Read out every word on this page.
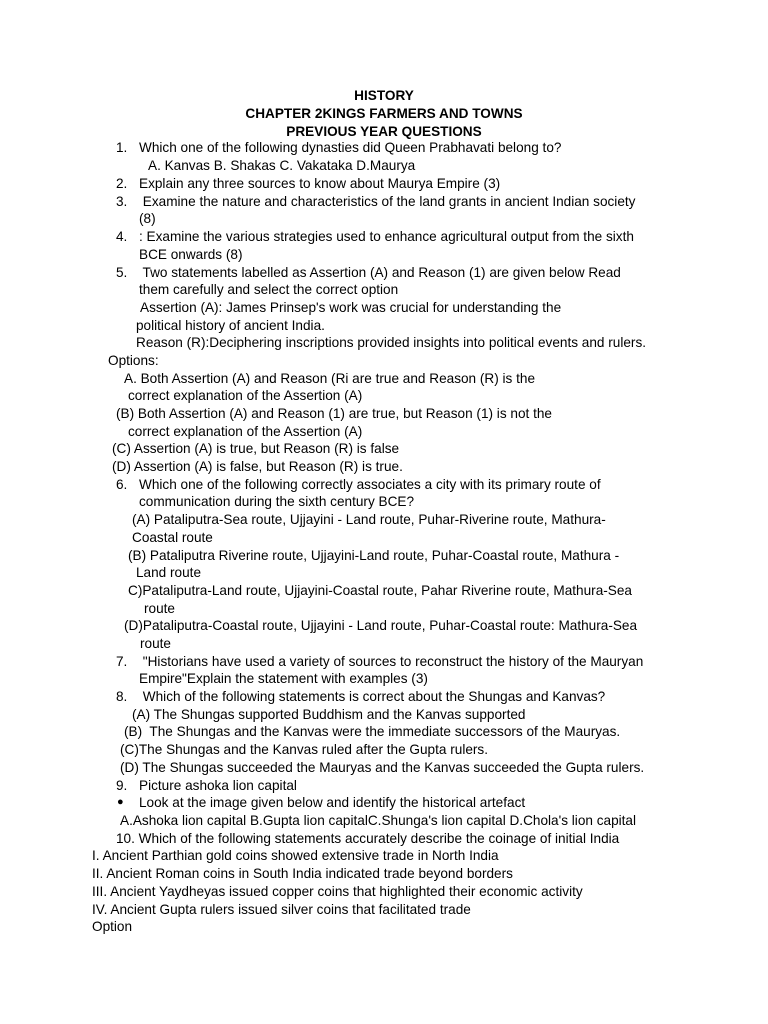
HISTORY
CHAPTER 2KINGS FARMERS AND TOWNS
PREVIOUS YEAR QUESTIONS
1. Which one of the following dynasties did Queen Prabhavati belong to?
A. Kanvas B. Shakas C. Vakataka D.Maurya
2. Explain any three sources to know about Maurya Empire (3)
3. Examine the nature and characteristics of the land grants in ancient Indian society
(8)
4. : Examine the various strategies used to enhance agricultural output from the sixth
BCE onwards (8)
5. Two statements labelled as Assertion (A) and Reason (1) are given below Read
them carefully and select the correct option
Assertion (A): James Prinsep's work was crucial for understanding the
political history of ancient India.
Reason (R):Deciphering inscriptions provided insights into political events and rulers.
Options:
A. Both Assertion (A) and Reason (Ri are true and Reason (R) is the
correct explanation of the Assertion (A)
(B) Both Assertion (A) and Reason (1) are true, but Reason (1) is not the
correct explanation of the Assertion (A)
(C) Assertion (A) is true, but Reason (R) is false
(D) Assertion (A) is false, but Reason (R) is true.
6. Which one of the following correctly associates a city with its primary route of
communication during the sixth century BCE?
(A) Pataliputra-Sea route, Ujjayini - Land route, Puhar-Riverine route, Mathura-
Coastal route
(B) Pataliputra Riverine route, Ujjayini-Land route, Puhar-Coastal route, Mathura -
Land route
C)Pataliputra-Land route, Ujjayini-Coastal route, Pahar Riverine route, Mathura-Sea
route
(D)Pataliputra-Coastal route, Ujjayini - Land route, Puhar-Coastal route: Mathura-Sea
route
7. "Historians have used a variety of sources to reconstruct the history of the Mauryan
Empire"Explain the statement with examples (3)
8. Which of the following statements is correct about the Shungas and Kanvas?
(A) The Shungas supported Buddhism and the Kanvas supported
(B)  The Shungas and the Kanvas were the immediate successors of the Mauryas.
(C)The Shungas and the Kanvas ruled after the Gupta rulers.
(D) The Shungas succeeded the Mauryas and the Kanvas succeeded the Gupta rulers.
9. Picture ashoka lion capital
● Look at the image given below and identify the historical artefact
A.Ashoka lion capital B.Gupta lion capitalC.Shunga's lion capital D.Chola's lion capital
10. Which of the following statements accurately describe the coinage of initial India
I. Ancient Parthian gold coins showed extensive trade in North India
II. Ancient Roman coins in South India indicated trade beyond borders
III. Ancient Yaydheyas issued copper coins that highlighted their economic activity
IV. Ancient Gupta rulers issued silver coins that facilitated trade
Option
